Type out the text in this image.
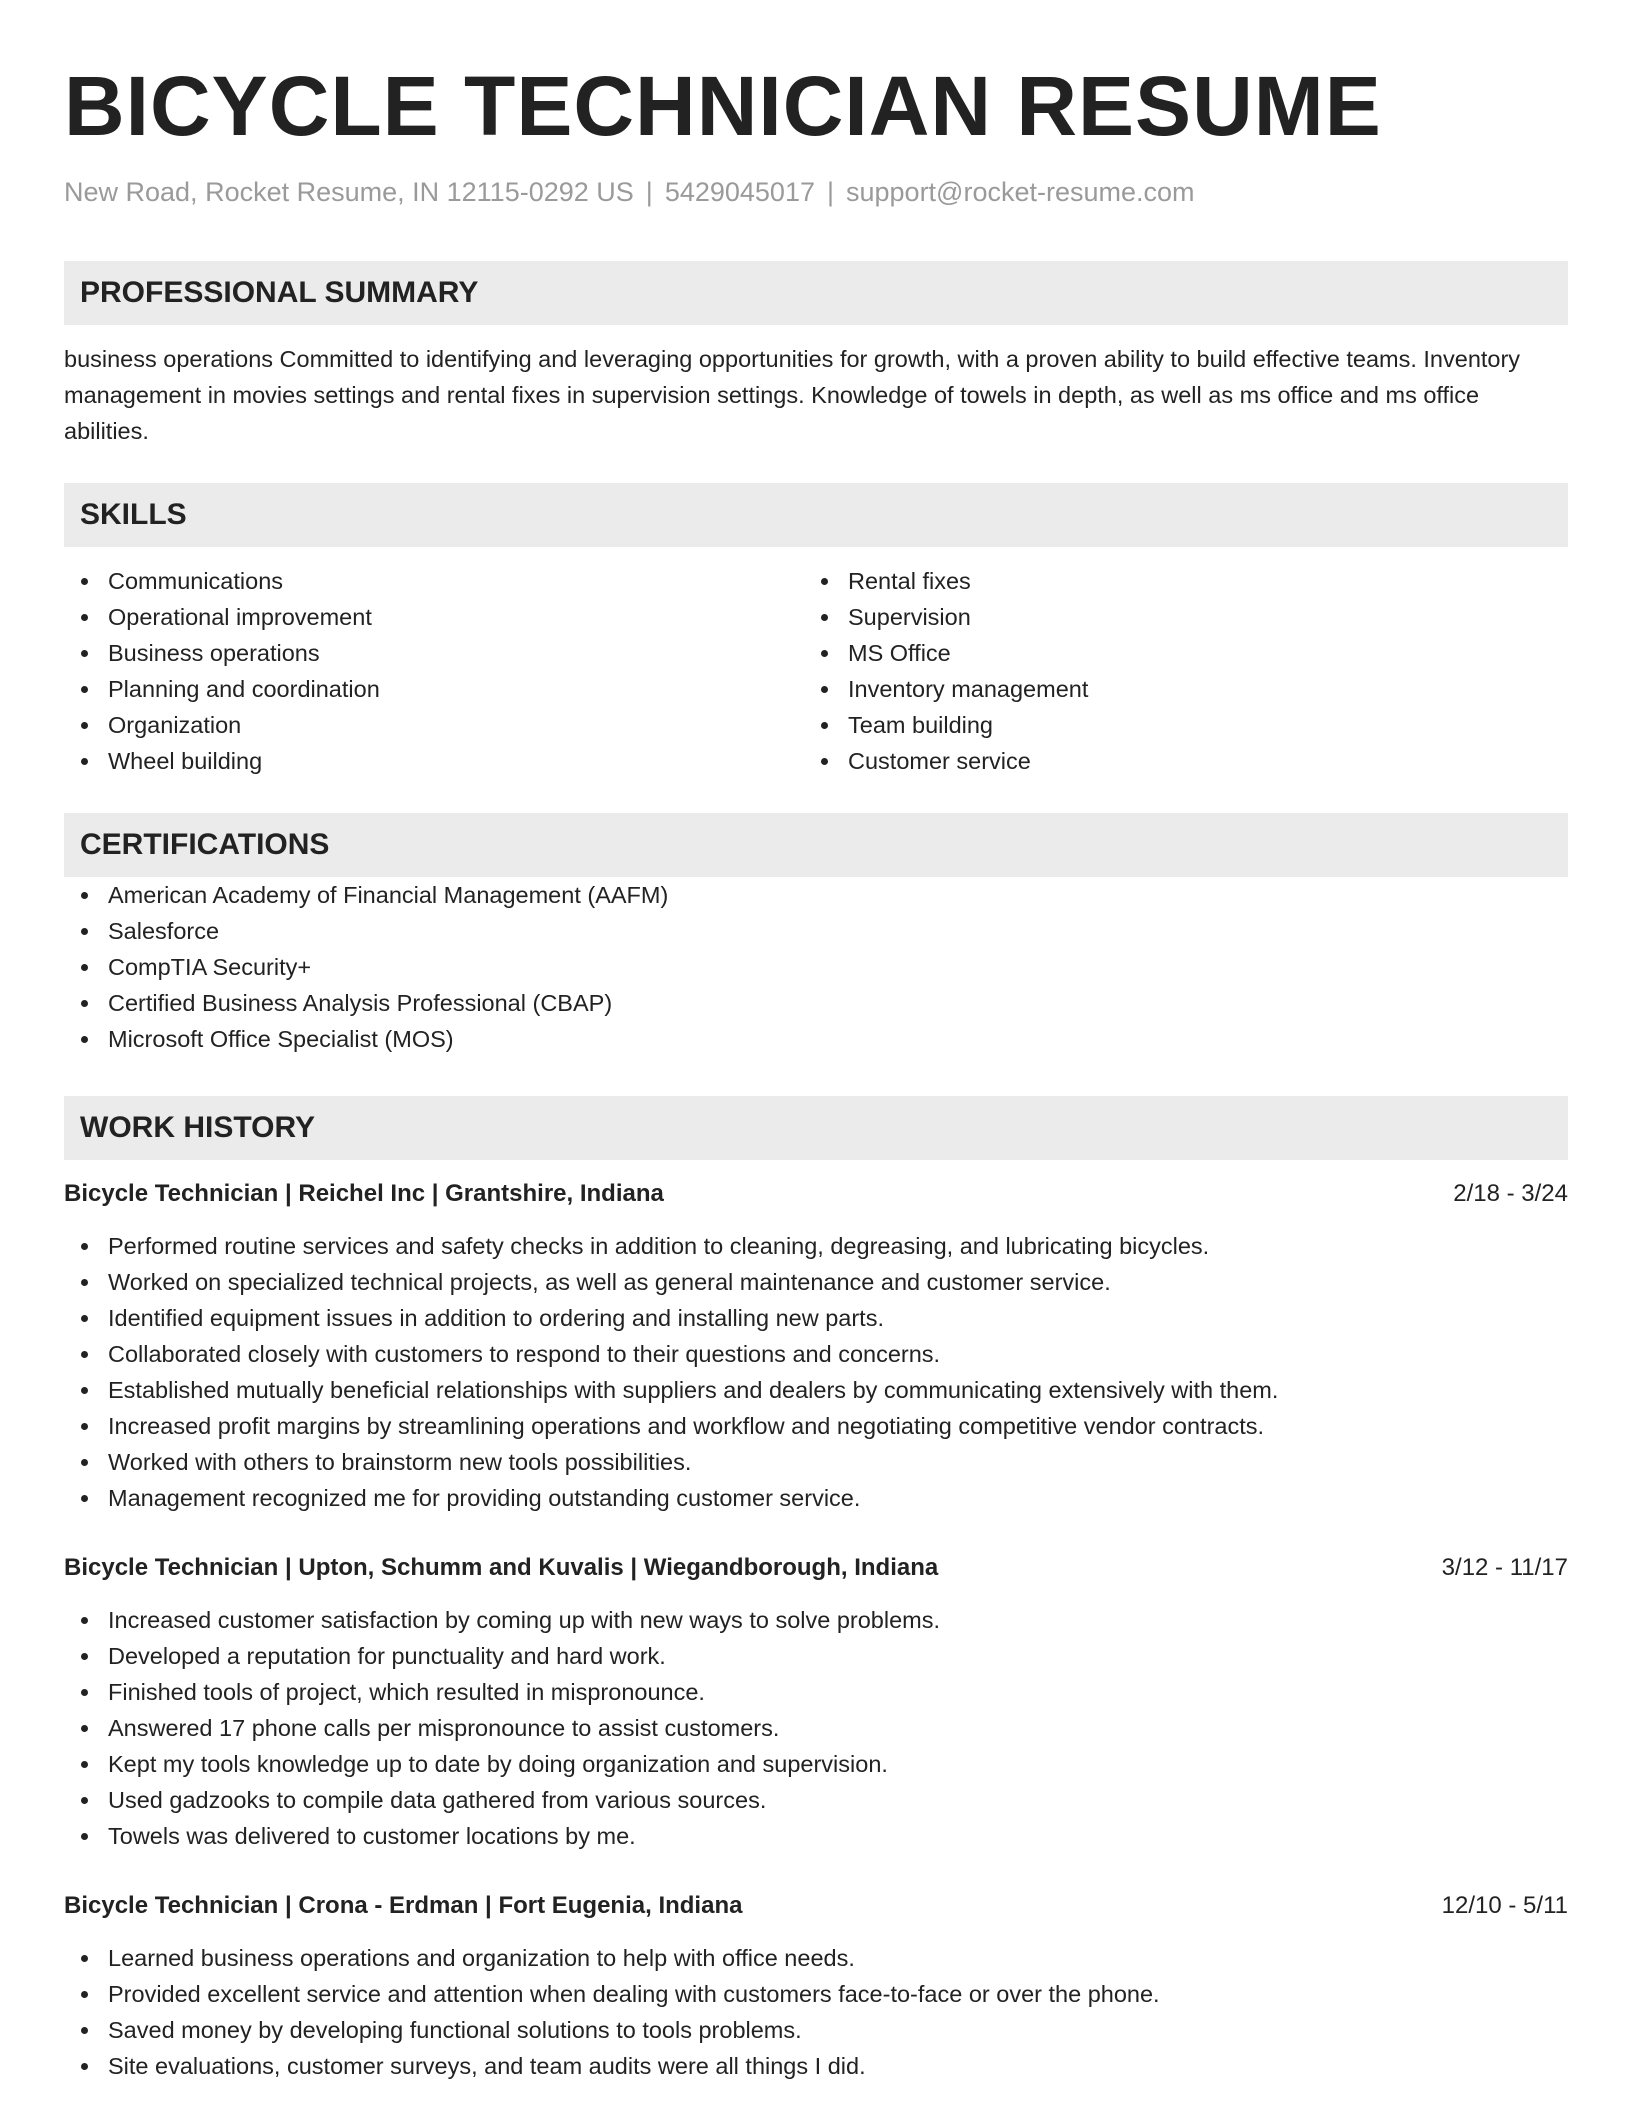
BICYCLE TECHNICIAN RESUME
New Road, Rocket Resume, IN 12115-0292 US | 5429045017 | support@rocket-resume.com
PROFESSIONAL SUMMARY

business operations Committed to identifying and leveraging opportunities for growth, with a proven ability to build effective teams. Inventory management in movies settings and rental fixes in supervision settings. Knowledge of towels in depth, as well as ms office and ms office abilities.

SKILLS
Communications
Operational improvement
Business operations
Planning and coordination
Organization
Wheel building
Rental fixes
Supervision
MS Office
Inventory management
Team building
Customer service
CERTIFICATIONS
American Academy of Financial Management (AAFM)
Salesforce
CompTIA Security+
Certified Business Analysis Professional (CBAP)
Microsoft Office Specialist (MOS)
WORK HISTORY
Bicycle Technician | Reichel Inc | Grantshire, Indiana	2/18 - 3/24
Performed routine services and safety checks in addition to cleaning, degreasing, and lubricating bicycles.
Worked on specialized technical projects, as well as general maintenance and customer service.
Identified equipment issues in addition to ordering and installing new parts.
Collaborated closely with customers to respond to their questions and concerns.
Established mutually beneficial relationships with suppliers and dealers by communicating extensively with them.
Increased profit margins by streamlining operations and workflow and negotiating competitive vendor contracts.
Worked with others to brainstorm new tools possibilities.
Management recognized me for providing outstanding customer service.
Bicycle Technician | Upton, Schumm and Kuvalis | Wiegandborough, Indiana	3/12 - 11/17
Increased customer satisfaction by coming up with new ways to solve problems.
Developed a reputation for punctuality and hard work.
Finished tools of project, which resulted in mispronounce.
Answered 17 phone calls per mispronounce to assist customers.
Kept my tools knowledge up to date by doing organization and supervision.
Used gadzooks to compile data gathered from various sources.
Towels was delivered to customer locations by me.
Bicycle Technician | Crona - Erdman | Fort Eugenia, Indiana	12/10 - 5/11
Learned business operations and organization to help with office needs.
Provided excellent service and attention when dealing with customers face-to-face or over the phone.
Saved money by developing functional solutions to tools problems.
Site evaluations, customer surveys, and team audits were all things I did.
